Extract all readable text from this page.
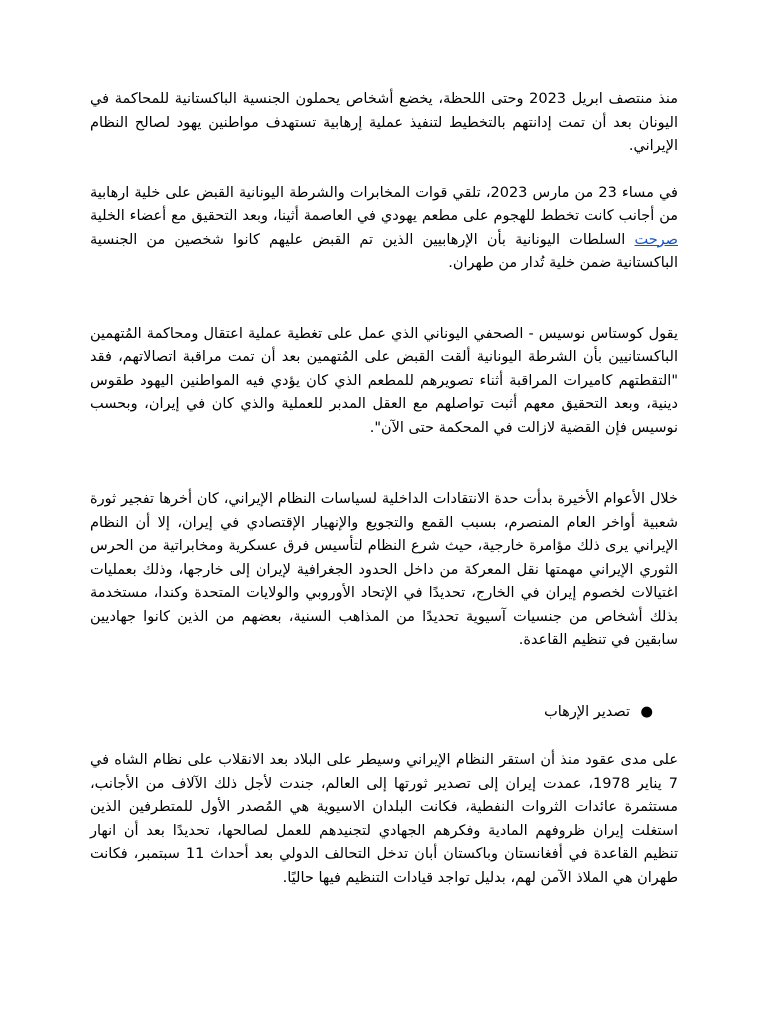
منذ منتصف ابريل 2023 وحتى اللحظة، يخضع أشخاص يحملون الجنسية الباكستانية للمحاكمة في اليونان بعد أن تمت إدانتهم بالتخطيط لتنفيذ عملية إرهابية تستهدف مواطنين يهود لصالح النظام الإيراني.

في مساء 23 من مارس 2023، تلقي قوات المخابرات والشرطة اليونانية القبض على خلية ارهابية من أجانب كانت تخطط للهجوم على مطعم يهودي في العاصمة أثينا، وبعد التحقيق مع أعضاء الخلية صرحت السلطات اليونانية بأن الإرهابيين الذين تم القبض عليهم كانوا شخصين من الجنسية الباكستانية ضمن خلية تُدار من طهران.

يقول كوستاس نوسيس - الصحفي اليوناني الذي عمل على تغطية عملية اعتقال ومحاكمة المُتهمين الباكستانيين بأن الشرطة اليونانية ألقت القبض على المُتهمين بعد أن تمت مراقبة اتصالاتهم، فقد "التقطتهم كاميرات المراقبة أثناء تصويرهم للمطعم الذي كان يؤدي فيه المواطنين اليهود طقوس دينية، وبعد التحقيق معهم أثبت تواصلهم مع العقل المدبر للعملية والذي كان في إيران، وبحسب نوسيس فإن القضية لازالت في المحكمة حتى الآن".

خلال الأعوام الأخيرة بدأت حدة الانتقادات الداخلية لسياسات النظام الإيراني، كان أخرها تفجير ثورة شعبية أواخر العام المنصرم، بسبب القمع والتجويع والإنهيار الإقتصادي في إيران، إلا أن النظام الإيراني يرى ذلك مؤامرة خارجية، حيث شرع النظام لتأسيس فرق عسكرية ومخابراتية من الحرس الثوري الإيراني مهمتها نقل المعركة من داخل الحدود الجغرافية لإيران إلى خارجها، وذلك بعمليات اغتيالات لخصوم إيران في الخارج، تحديدًا في الإتحاد الأوروبي والولايات المتحدة وكندا، مستخدمة بذلك أشخاص من جنسيات آسيوية تحديدًا من المذاهب السنية، بعضهم من الذين كانوا جهاديين سابقين في تنظيم القاعدة.

●
تصدير الإرهاب

على مدى عقود منذ أن استقر النظام الإيراني وسيطر على البلاد بعد الانقلاب على نظام الشاه في 7 يناير 1978، عمدت إيران إلى تصدير ثورتها إلى العالم، جندت لأجل ذلك الآلاف من الأجانب، مستثمرة عائدات الثروات النفطية، فكانت البلدان الاسيوية هي المُصدر الأول للمتطرفين الذين استغلت إيران ظروفهم المادية وفكرهم الجهادي لتجنيدهم للعمل لصالحها، تحديدًا بعد أن انهار تنظيم القاعدة في أفغانستان وباكستان أبان تدخل التحالف الدولي بعد أحداث 11 سبتمبر، فكانت طهران هي الملاذ الآمن لهم، بدليل تواجد قيادات التنظيم فيها حاليًا.
